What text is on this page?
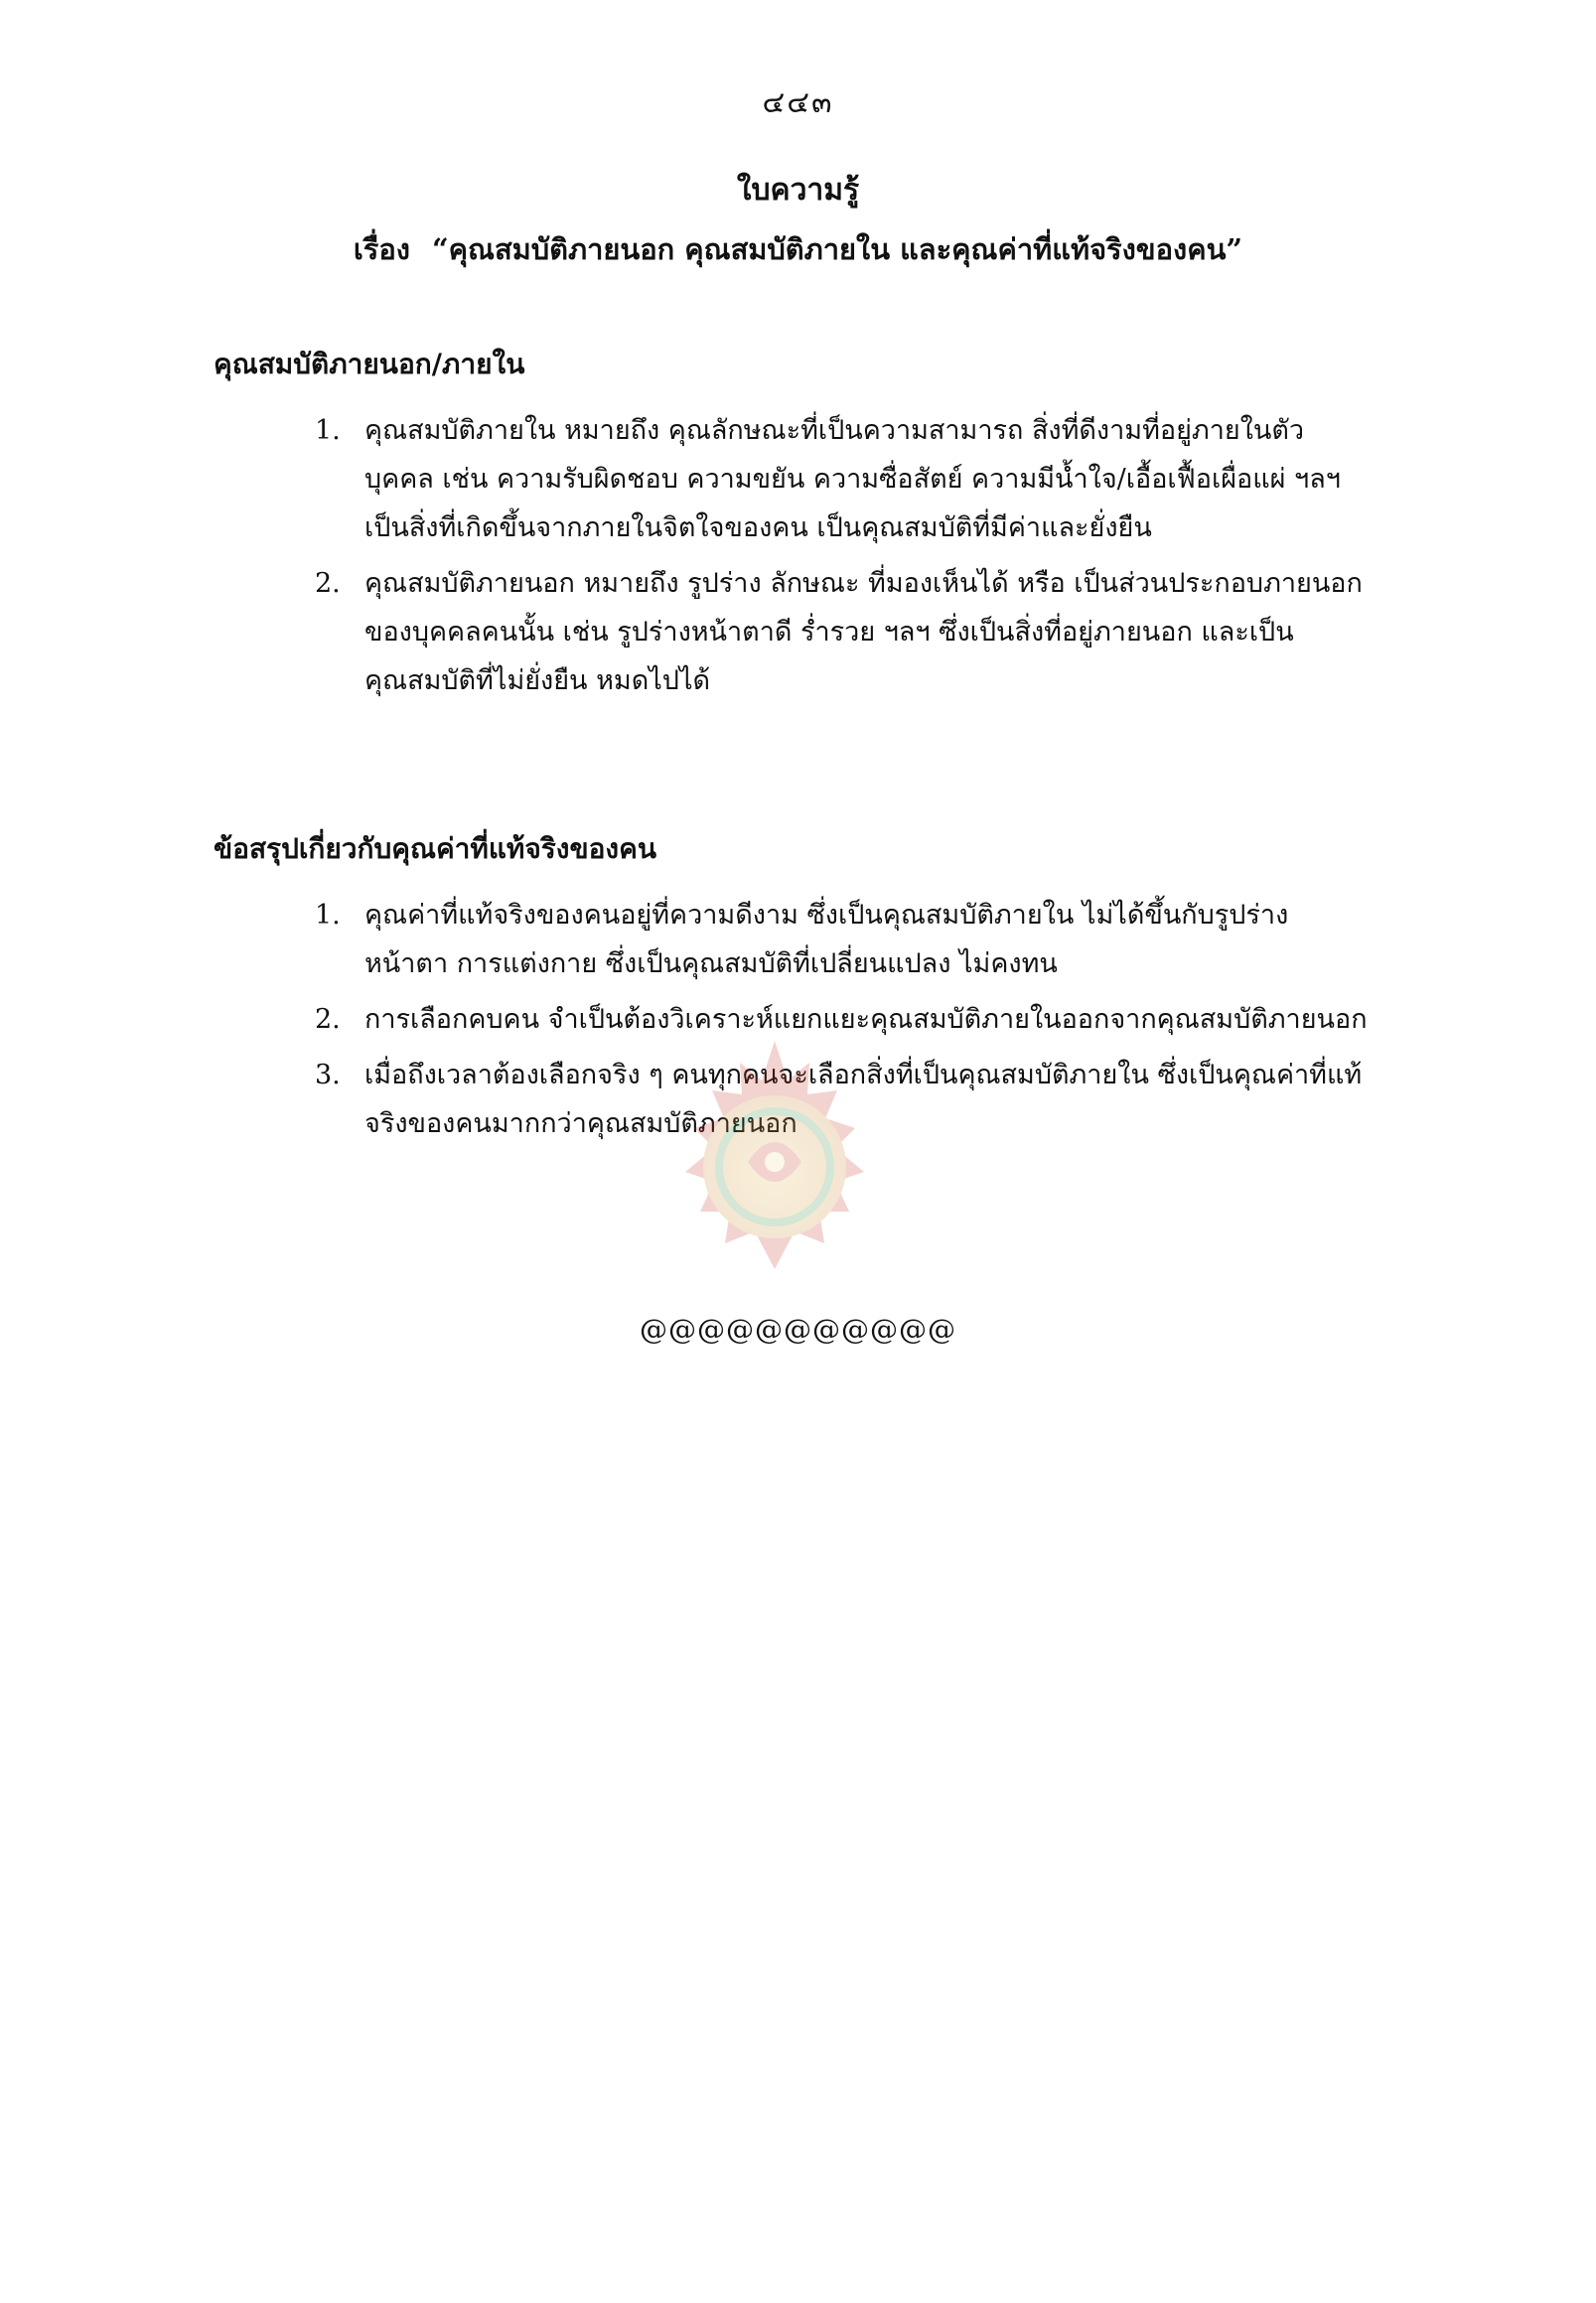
๔๔๓
ใบความรู้
เรื่อง “คุณสมบัติภายนอก คุณสมบัติภายใน และคุณค่าที่แท้จริงของคน”
คุณสมบัติภายนอก/ภายใน
1. คุณสมบัติภายใน หมายถึง คุณลักษณะที่เป็นความสามารถ สิ่งที่ดีงามที่อยู่ภายในตัวบุคคล เช่น ความรับผิดชอบ ความขยัน ความซื่อสัตย์ ความมีน้ำใจ/เอื้อเฟื้อเผื่อแผ่ ฯลฯ เป็นสิ่งที่เกิดขึ้นจากภายในจิตใจของคน เป็นคุณสมบัติที่มีค่าและยั่งยืน
2. คุณสมบัติภายนอก หมายถึง รูปร่าง ลักษณะ ที่มองเห็นได้ หรือ เป็นส่วนประกอบภายนอกของบุคคลคนนั้น เช่น รูปร่างหน้าตาดี ร่ำรวย ฯลฯ ซึ่งเป็นสิ่งที่อยู่ภายนอก และเป็นคุณสมบัติที่ไม่ยั่งยืน หมดไปได้
ข้อสรุปเกี่ยวกับคุณค่าที่แท้จริงของคน
1. คุณค่าที่แท้จริงของคนอยู่ที่ความดีงาม ซึ่งเป็นคุณสมบัติภายใน ไม่ได้ขึ้นกับรูปร่างหน้าตา การแต่งกาย ซึ่งเป็นคุณสมบัติที่เปลี่ยนแปลง ไม่คงทน
2. การเลือกคบคน จำเป็นต้องวิเคราะห์แยกแยะคุณสมบัติภายในออกจากคุณสมบัติภายนอก
3. เมื่อถึงเวลาต้องเลือกจริง ๆ คนทุกคนจะเลือกสิ่งที่เป็นคุณสมบัติภายใน ซึ่งเป็นคุณค่าที่แท้จริงของคนมากกว่าคุณสมบัติภายนอก
@@@@@@@@@@@
